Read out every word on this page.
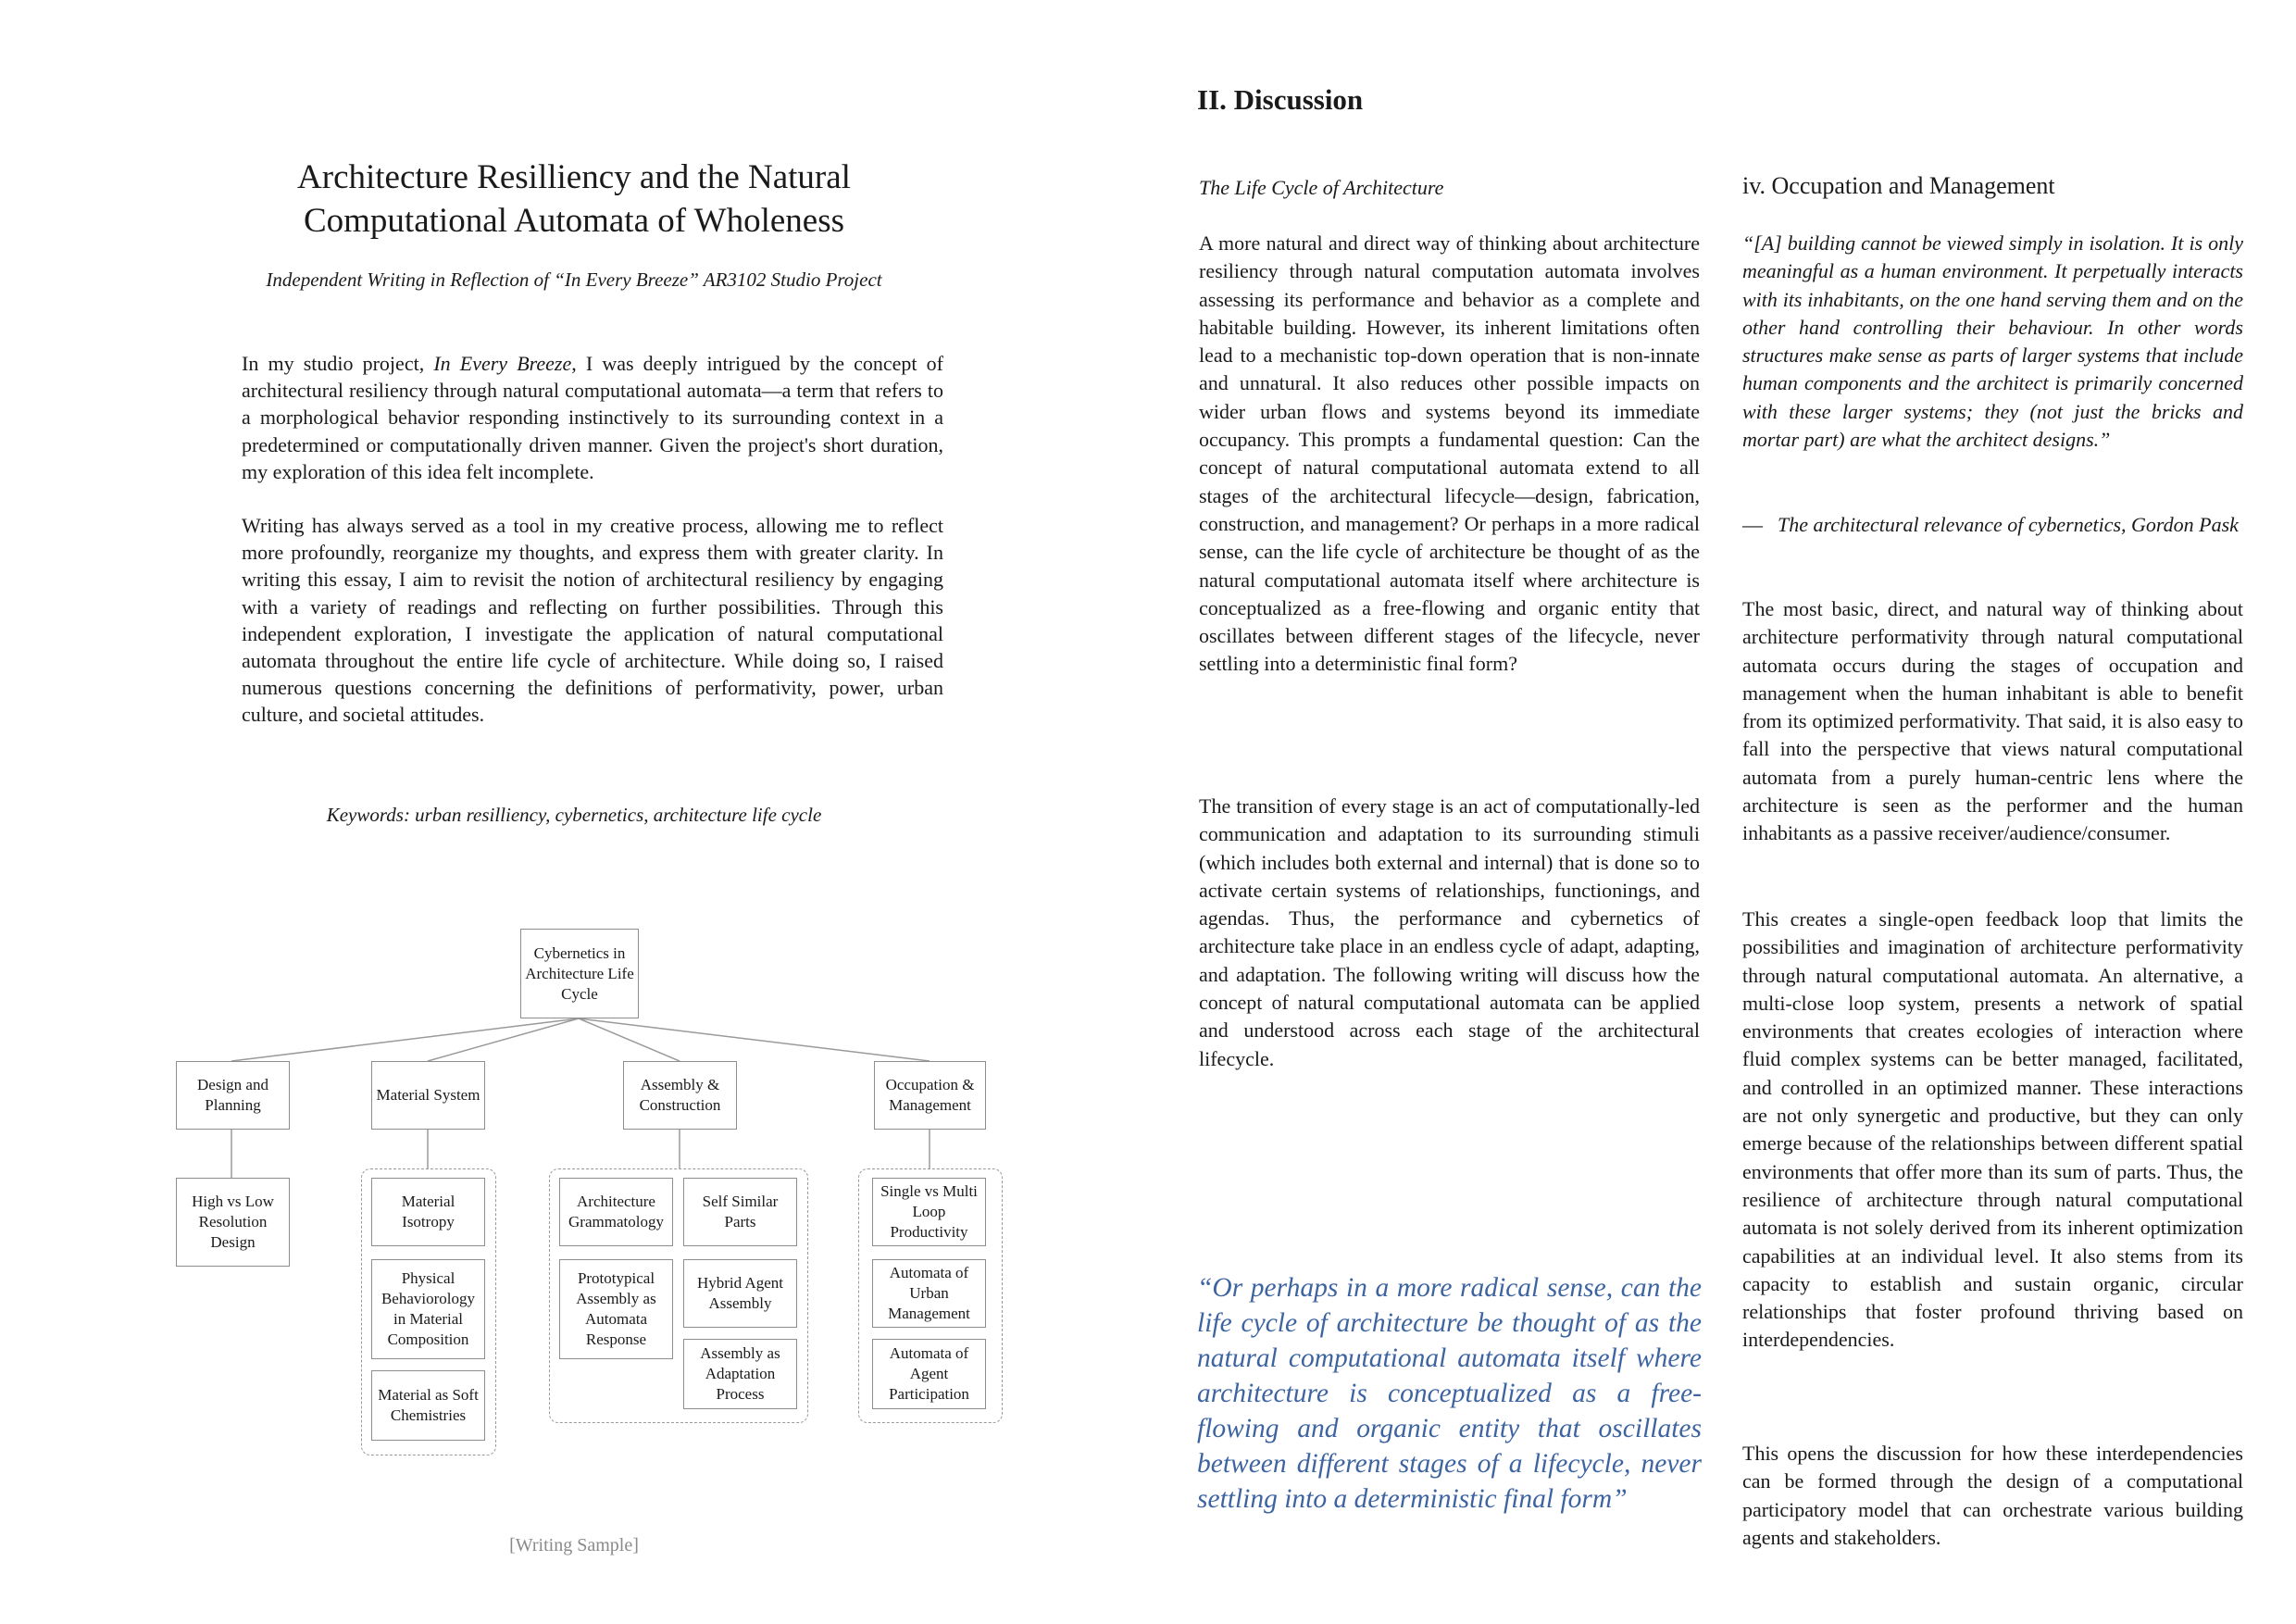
Architecture Resilliency and the Natural
Computational Automata of Wholeness
Independent Writing in Reflection of “In Every Breeze” AR3102 Studio Project
In my studio project, In Every Breeze, I was deeply intrigued by the concept of architectural resiliency through natural computational automata—a term that refers to a morphological behavior responding instinctively to its surrounding context in a predetermined or computationally driven manner. Given the project's short duration, my exploration of this idea felt incomplete.
Writing has always served as a tool in my creative process, allowing me to reflect more profoundly, reorganize my thoughts, and express them with greater clarity. In writing this essay, I aim to revisit the notion of architectural resiliency by engaging with a variety of readings and reflecting on further possibilities. Through this independent exploration, I investigate the application of natural computational automata throughout the entire life cycle of architecture. While doing so, I raised numerous questions concerning the definitions of performativity, power, urban culture, and societal attitudes.
Keywords: urban resilliency, cybernetics, architecture life cycle
Cybernetics in Architecture Life Cycle
Design and Planning
Material System
Assembly & Construction
Occupation & Management
High vs Low Resolution Design
Material Isotropy
Physical Behaviorology in Material Composition
Material as Soft Chemistries
Architecture Grammatology
Self Similar Parts
Prototypical Assembly as Automata Response
Hybrid Agent Assembly
Assembly as Adaptation Process
Single vs Multi Loop Productivity
Automata of Urban Management
Automata of Agent Participation
[Writing Sample]
II. Discussion
The Life Cycle of Architecture
A more natural and direct way of thinking about architecture resiliency through natural computation automata involves assessing its performance and behavior as a complete and habitable building. However, its inherent limitations often lead to a mechanistic top-down operation that is non-innate and unnatural. It also reduces other possible impacts on wider urban flows and systems beyond its immediate occupancy. This prompts a fundamental question: Can the concept of natural computational automata extend to all stages of the architectural lifecycle—design, fabrication, construction, and management? Or perhaps in a more radical sense, can the life cycle of architecture be thought of as the natural computational automata itself where architecture is conceptualized as a free-flowing and organic entity that oscillates between different stages of the lifecycle, never settling into a deterministic final form?
The transition of every stage is an act of computationally-led communication and adaptation to its surrounding stimuli (which includes both external and internal) that is done so to activate certain systems of relationships, functionings, and agendas. Thus, the performance and cybernetics of architecture take place in an endless cycle of adapt, adapting, and adaptation. The following writing will discuss how the concept of natural computational automata can be applied and understood across each stage of the architectural lifecycle.
“Or perhaps in a more radical sense, can the life cycle of architecture be thought of as the natural computational automata itself where architecture is conceptualized as a free-flowing and organic entity that oscillates between different stages of a lifecycle, never settling into a deterministic final form”
iv. Occupation and Management
“[A] building cannot be viewed simply in isolation. It is only meaningful as a human environment. It perpetually interacts with its inhabitants, on the one hand serving them and on the other hand controlling their behaviour. In other words structures make sense as parts of larger systems that include human components and the architect is primarily concerned with these larger systems; they (not just the bricks and mortar part) are what the architect designs.”
— The architectural relevance of cybernetics, Gordon Pask
The most basic, direct, and natural way of thinking about architecture performativity through natural computational automata occurs during the stages of occupation and management when the human inhabitant is able to benefit from its optimized performativity. That said, it is also easy to fall into the perspective that views natural computational automata from a purely human-centric lens where the architecture is seen as the performer and the human inhabitants as a passive receiver/audience/consumer.
This creates a single-open feedback loop that limits the possibilities and imagination of architecture performativity through natural computational automata. An alternative, a multi-close loop system, presents a network of spatial environments that creates ecologies of interaction where fluid complex systems can be better managed, facilitated, and controlled in an optimized manner. These interactions are not only synergetic and productive, but they can only emerge because of the relationships between different spatial environments that offer more than its sum of parts. Thus, the resilience of architecture through natural computational automata is not solely derived from its inherent optimization capabilities at an individual level. It also stems from its capacity to establish and sustain organic, circular relationships that foster profound thriving based on interdependencies.
This opens the discussion for how these interdependencies can be formed through the design of a computational participatory model that can orchestrate various building agents and stakeholders.
